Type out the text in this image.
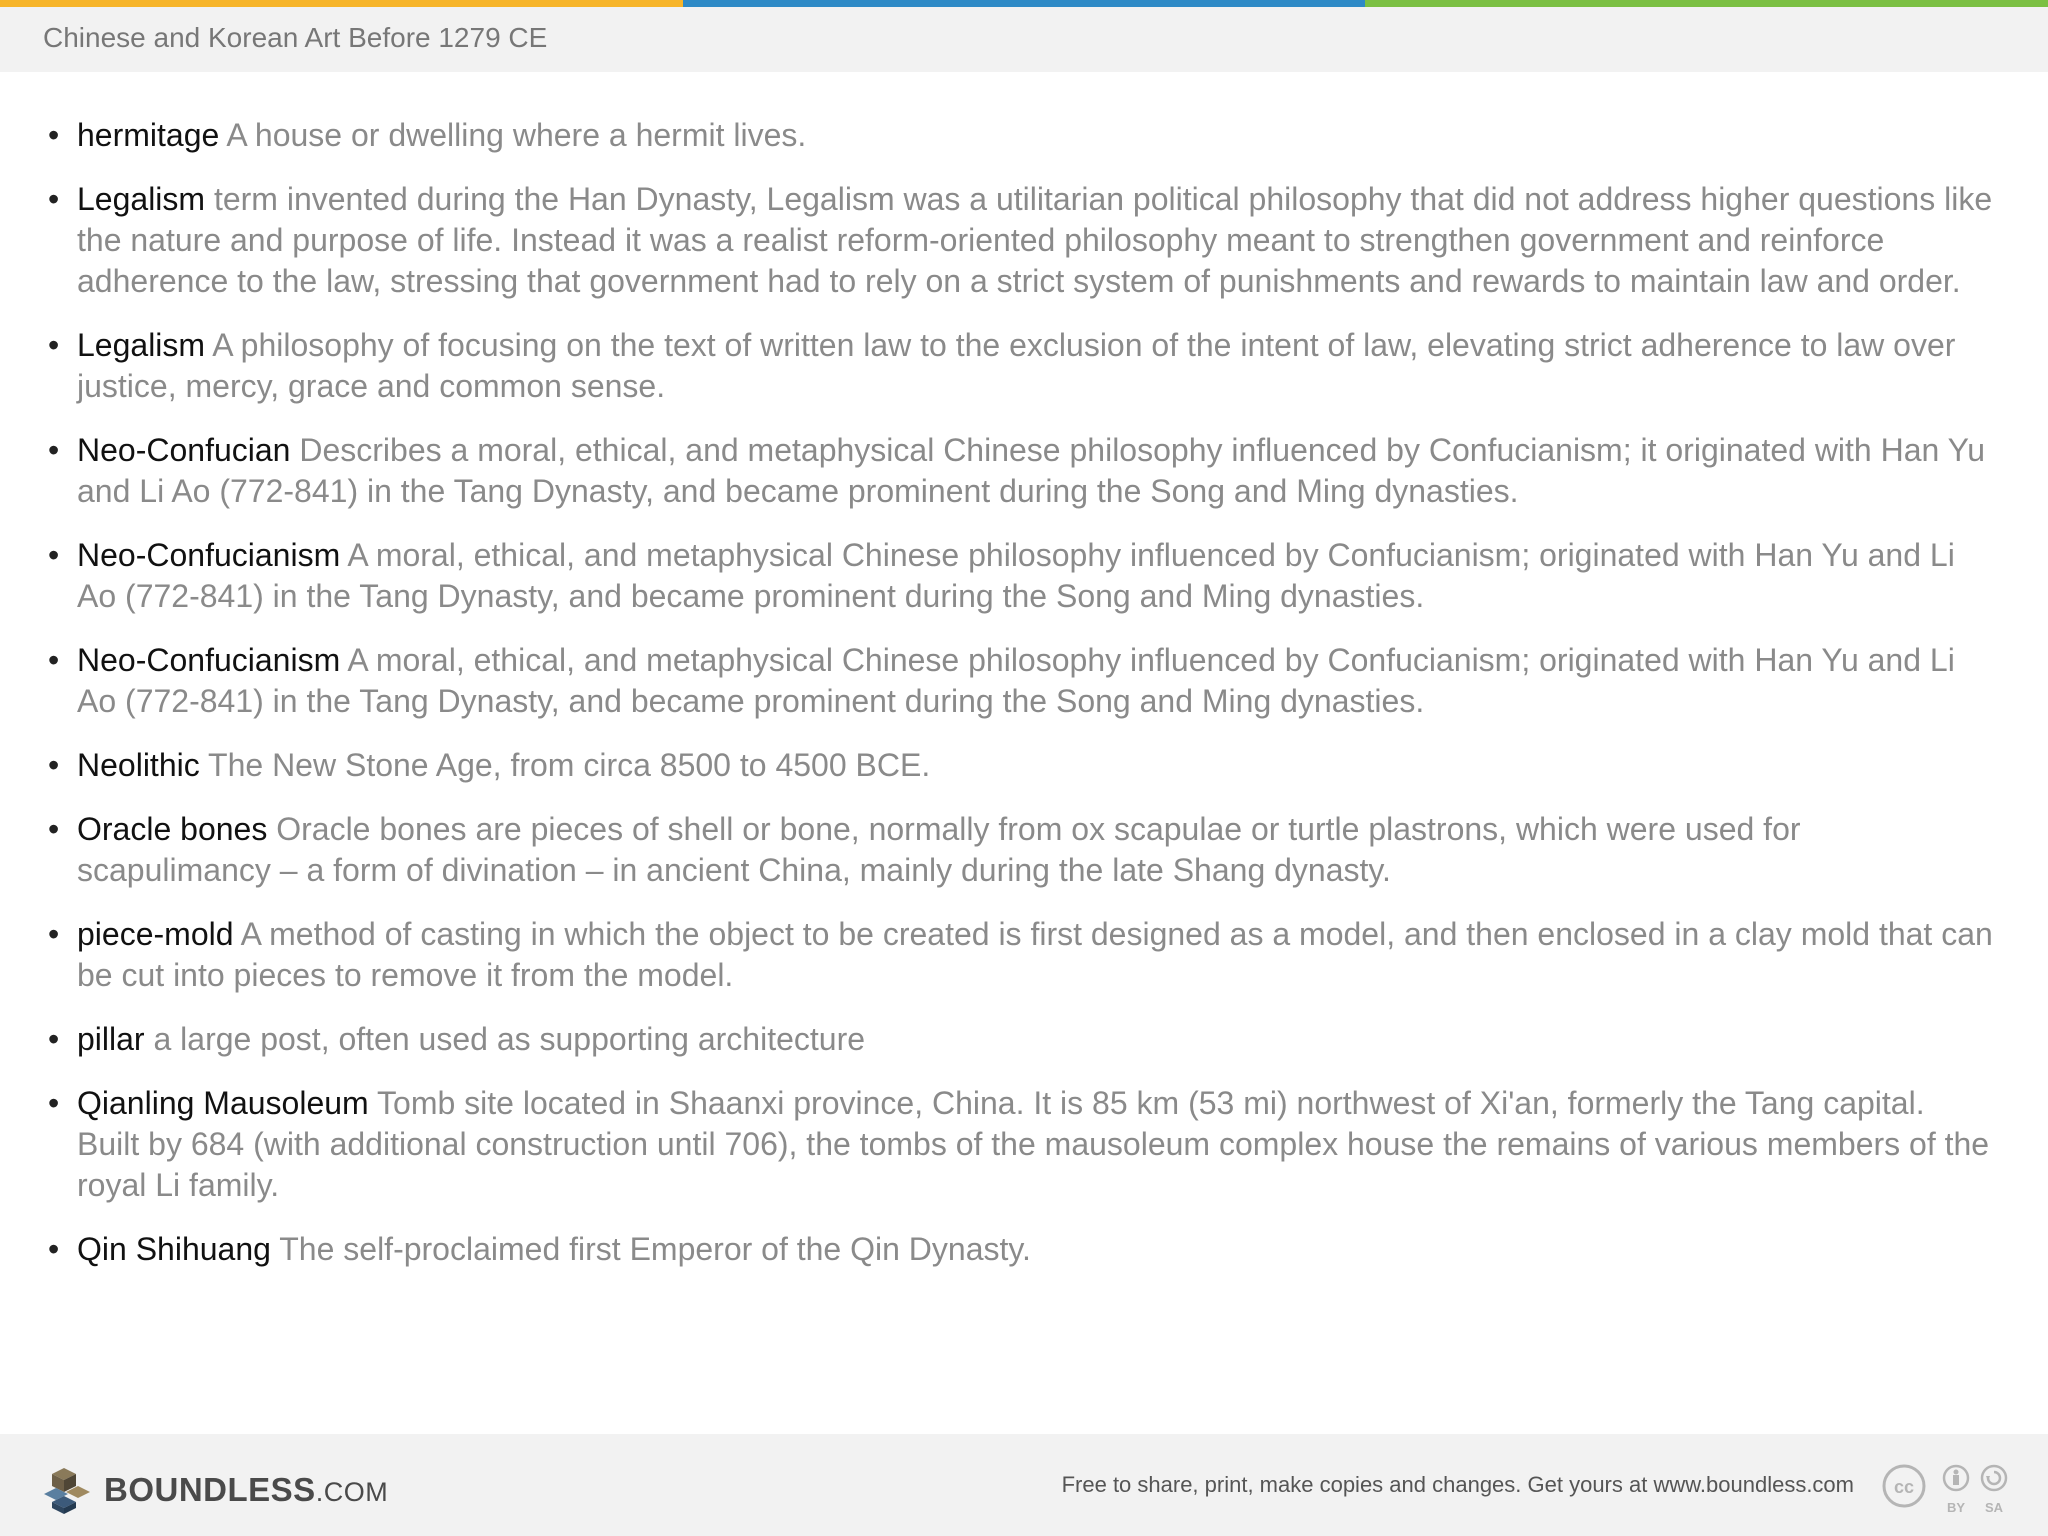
Chinese and Korean Art Before 1279 CE
• hermitage A house or dwelling where a hermit lives.
• Legalism term invented during the Han Dynasty, Legalism was a utilitarian political philosophy that did not address higher questions like the nature and purpose of life. Instead it was a realist reform-oriented philosophy meant to strengthen government and reinforce adherence to the law, stressing that government had to rely on a strict system of punishments and rewards to maintain law and order.
• Legalism A philosophy of focusing on the text of written law to the exclusion of the intent of law, elevating strict adherence to law over justice, mercy, grace and common sense.
• Neo-Confucian Describes a moral, ethical, and metaphysical Chinese philosophy influenced by Confucianism; it originated with Han Yu and Li Ao (772-841) in the Tang Dynasty, and became prominent during the Song and Ming dynasties.
• Neo-Confucianism A moral, ethical, and metaphysical Chinese philosophy influenced by Confucianism; originated with Han Yu and Li Ao (772-841) in the Tang Dynasty, and became prominent during the Song and Ming dynasties.
• Neo-Confucianism A moral, ethical, and metaphysical Chinese philosophy influenced by Confucianism; originated with Han Yu and Li Ao (772-841) in the Tang Dynasty, and became prominent during the Song and Ming dynasties.
• Neolithic The New Stone Age, from circa 8500 to 4500 BCE.
• Oracle bones Oracle bones are pieces of shell or bone, normally from ox scapulae or turtle plastrons, which were used for scapulimancy – a form of divination – in ancient China, mainly during the late Shang dynasty.
• piece-mold A method of casting in which the object to be created is first designed as a model, and then enclosed in a clay mold that can be cut into pieces to remove it from the model.
• pillar a large post, often used as supporting architecture
• Qianling Mausoleum Tomb site located in Shaanxi province, China. It is 85 km (53 mi) northwest of Xi'an, formerly the Tang capital. Built by 684 (with additional construction until 706), the tombs of the mausoleum complex house the remains of various members of the royal Li family.
• Qin Shihuang The self-proclaimed first Emperor of the Qin Dynasty.
BOUNDLESS.COM	Free to share, print, make copies and changes. Get yours at www.boundless.com cc
BY SA
